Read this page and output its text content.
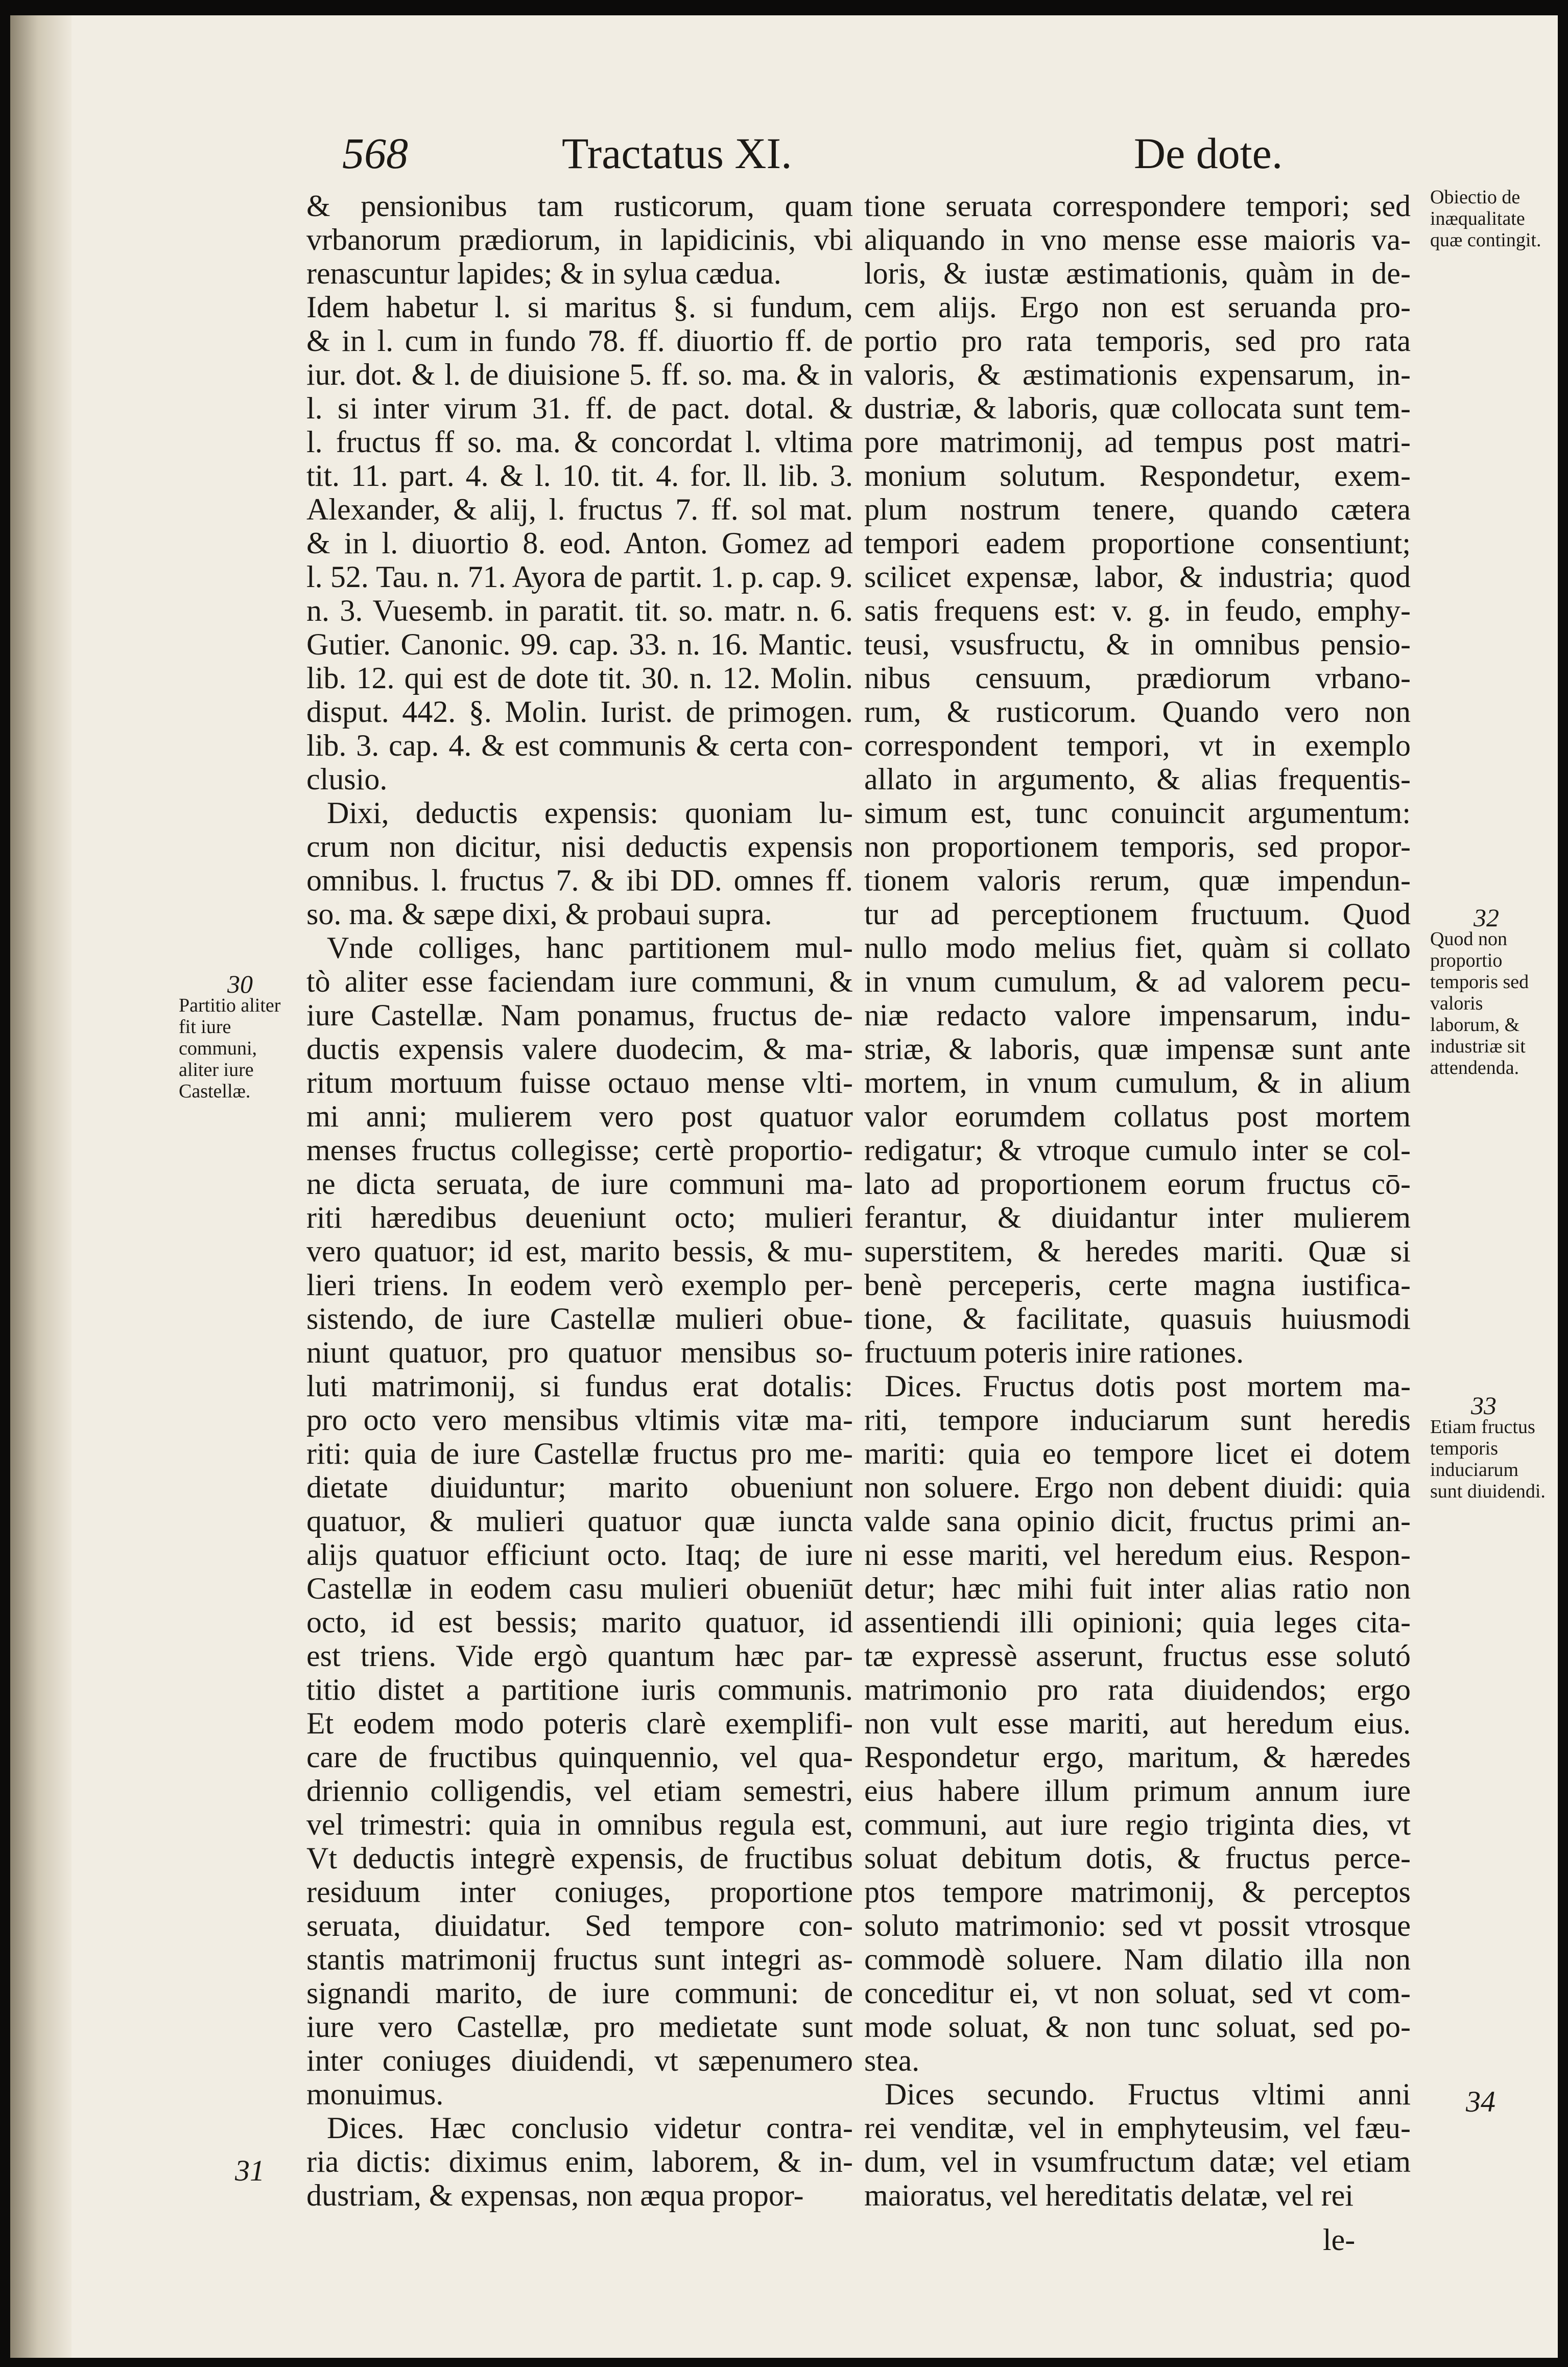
568	Tractatus XI.	De dote.
& pensionibus tam rusticorum, quam
vrbanorum prædiorum, in lapidicinis, vbi
renascuntur lapides; & in sylua cædua.
Idem habetur l. si maritus §. si fundum,
& in l. cum in fundo 78. ff. diuortio ff. de
iur. dot. & l. de diuisione 5. ff. so. ma. & in
l. si inter virum 31. ff. de pact. dotal. &
l. fructus ff so. ma. & concordat l. vltima
tit. 11. part. 4. & l. 10. tit. 4. for. ll. lib. 3.
Alexander, & alij, l. fructus 7. ff. sol mat.
& in l. diuortio 8. eod. Anton. Gomez ad
l. 52. Tau. n. 71. Ayora de partit. 1. p. cap. 9.
n. 3. Vuesemb. in paratit. tit. so. matr. n. 6.
Gutier. Canonic. 99. cap. 33. n. 16. Mantic.
lib. 12. qui est de dote tit. 30. n. 12. Molin.
disput. 442. §. Molin. Iurist. de primogen.
lib. 3. cap. 4. & est communis & certa con-
clusio.
Dixi, deductis expensis: quoniam lu-
crum non dicitur, nisi deductis expensis
omnibus. l. fructus 7. & ibi DD. omnes ff.
so. ma. & sæpe dixi, & probaui supra.
Vnde colliges, hanc partitionem mul-
tò aliter esse faciendam iure communi, &
iure Castellæ. Nam ponamus, fructus de-
ductis expensis valere duodecim, & ma-
ritum mortuum fuisse octauo mense vlti-
mi anni; mulierem vero post quatuor
menses fructus collegisse; certè proportio-
ne dicta seruata, de iure communi ma-
riti hæredibus deueniunt octo; mulieri
vero quatuor; id est, marito bessis, & mu-
lieri triens. In eodem verò exemplo per-
sistendo, de iure Castellæ mulieri obue-
niunt quatuor, pro quatuor mensibus so-
luti matrimonij, si fundus erat dotalis:
pro octo vero mensibus vltimis vitæ ma-
riti: quia de iure Castellæ fructus pro me-
dietate diuiduntur; marito obueniunt
quatuor, & mulieri quatuor quæ iuncta
alijs quatuor efficiunt octo. Itaq; de iure
Castellæ in eodem casu mulieri obueniūt
octo, id est bessis; marito quatuor, id
est triens. Vide ergò quantum hæc par-
titio distet a partitione iuris communis.
Et eodem modo poteris clarè exemplifi-
care de fructibus quinquennio, vel qua-
driennio colligendis, vel etiam semestri,
vel trimestri: quia in omnibus regula est,
Vt deductis integrè expensis, de fructibus
residuum inter coniuges, proportione
seruata, diuidatur. Sed tempore con-
stantis matrimonij fructus sunt integri as-
signandi marito, de iure communi: de
iure vero Castellæ, pro medietate sunt
inter coniuges diuidendi, vt sæpenumero
monuimus.
Dices. Hæc conclusio videtur contra-
ria dictis: diximus enim, laborem, & in-
dustriam, & expensas, non æqua propor-
tione seruata correspondere tempori; sed
aliquando in vno mense esse maioris va-
loris, & iustæ æstimationis, quàm in de-
cem alijs. Ergo non est seruanda pro-
portio pro rata temporis, sed pro rata
valoris, & æstimationis expensarum, in-
dustriæ, & laboris, quæ collocata sunt tem-
pore matrimonij, ad tempus post matri-
monium solutum. Respondetur, exem-
plum nostrum tenere, quando cætera
tempori eadem proportione consentiunt;
scilicet expensæ, labor, & industria; quod
satis frequens est: v. g. in feudo, emphy-
teusi, vsusfructu, & in omnibus pensio-
nibus censuum, prædiorum vrbano-
rum, & rusticorum. Quando vero non
correspondent tempori, vt in exemplo
allato in argumento, & alias frequentis-
simum est, tunc conuincit argumentum:
non proportionem temporis, sed propor-
tionem valoris rerum, quæ impendun-
tur ad perceptionem fructuum. Quod
nullo modo melius fiet, quàm si collato
in vnum cumulum, & ad valorem pecu-
niæ redacto valore impensarum, indu-
striæ, & laboris, quæ impensæ sunt ante
mortem, in vnum cumulum, & in alium
valor eorumdem collatus post mortem
redigatur; & vtroque cumulo inter se col-
lato ad proportionem eorum fructus cō-
ferantur, & diuidantur inter mulierem
superstitem, & heredes mariti. Quæ si
benè perceperis, certe magna iustifica-
tione, & facilitate, quasuis huiusmodi
fructuum poteris inire rationes.
Dices. Fructus dotis post mortem ma-
riti, tempore induciarum sunt heredis
mariti: quia eo tempore licet ei dotem
non soluere. Ergo non debent diuidi: quia
valde sana opinio dicit, fructus primi an-
ni esse mariti, vel heredum eius. Respon-
detur; hæc mihi fuit inter alias ratio non
assentiendi illi opinioni; quia leges cita-
tæ expressè asserunt, fructus esse solutó
matrimonio pro rata diuidendos; ergo
non vult esse mariti, aut heredum eius.
Respondetur ergo, maritum, & hæredes
eius habere illum primum annum iure
communi, aut iure regio triginta dies, vt
soluat debitum dotis, & fructus perce-
ptos tempore matrimonij, & perceptos
soluto matrimonio: sed vt possit vtrosque
commodè soluere. Nam dilatio illa non
conceditur ei, vt non soluat, sed vt com-
mode soluat, & non tunc soluat, sed po-
stea.
Dices secundo. Fructus vltimi anni
rei venditæ, vel in emphyteusim, vel fæu-
dum, vel in vsumfructum datæ; vel etiam
maioratus, vel hereditatis delatæ, vel rei
30
Partitio aliter fit iure communi, aliter iure Castellæ.
31
Obiectio de inæqualitate quæ contingit.
32
Quod non proportio temporis sed valoris laborum, & industriæ sit attendenda.
33
Etiam fructus temporis induciarum sunt diuidendi.
34
le-
